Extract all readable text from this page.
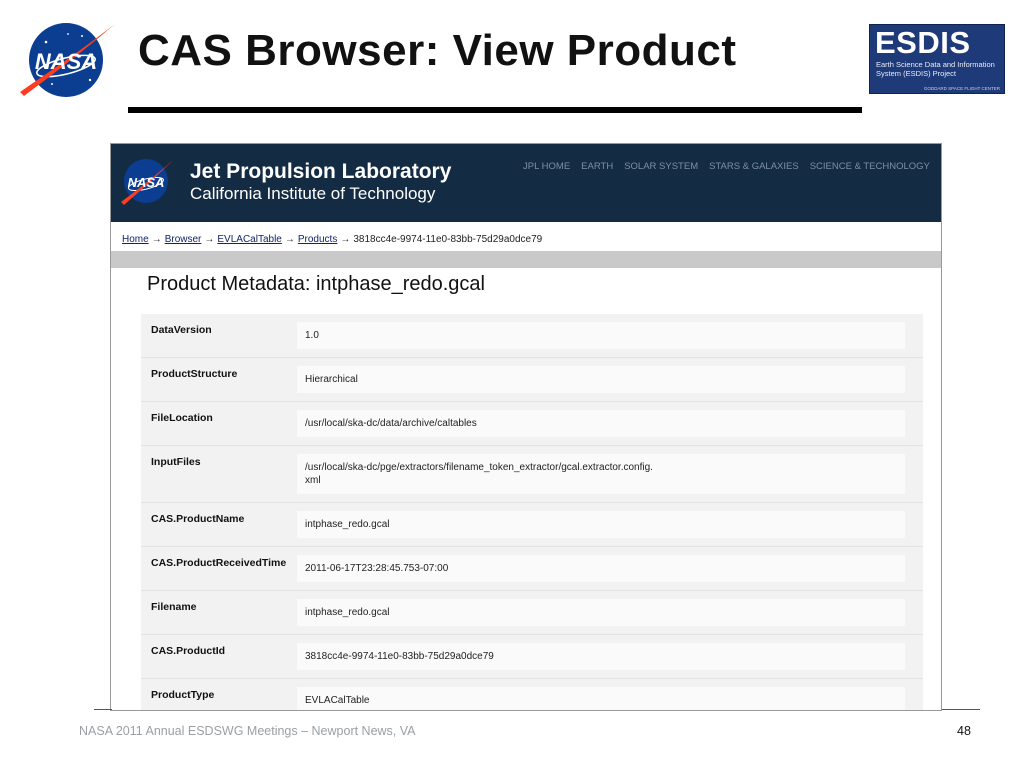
NASA CAS Browser: View Product	ESDIS
Earth Science Data and Information System (ESDIS) Project
GODDARD SPACE FLIGHT CENTER
NASA Jet Propulsion Laboratory
California Institute of Technology
JPL HOME EARTH SOLAR SYSTEM STARS & GALAXIES SCIENCE & TECHNOLOGY
Home → Browser → EVLACalTable → Products → 3818cc4e-9974-11e0-83bb-75d29a0dce79
Product Metadata: intphase_redo.gcal
DataVersion	1.0
ProductStructure	Hierarchical
FileLocation	/usr/local/ska-dc/data/archive/caltables
InputFiles	/usr/local/ska-dc/pge/extractors/filename_token_extractor/gcal.extractor.config.
xml
CAS.ProductName	intphase_redo.gcal
CAS.ProductReceivedTime	2011-06-17T23:28:45.753-07:00
Filename	intphase_redo.gcal
CAS.ProductId	3818cc4e-9974-11e0-83bb-75d29a0dce79
ProductType	EVLACalTable
NASA 2011 Annual ESDSWG Meetings – Newport News, VA	48
